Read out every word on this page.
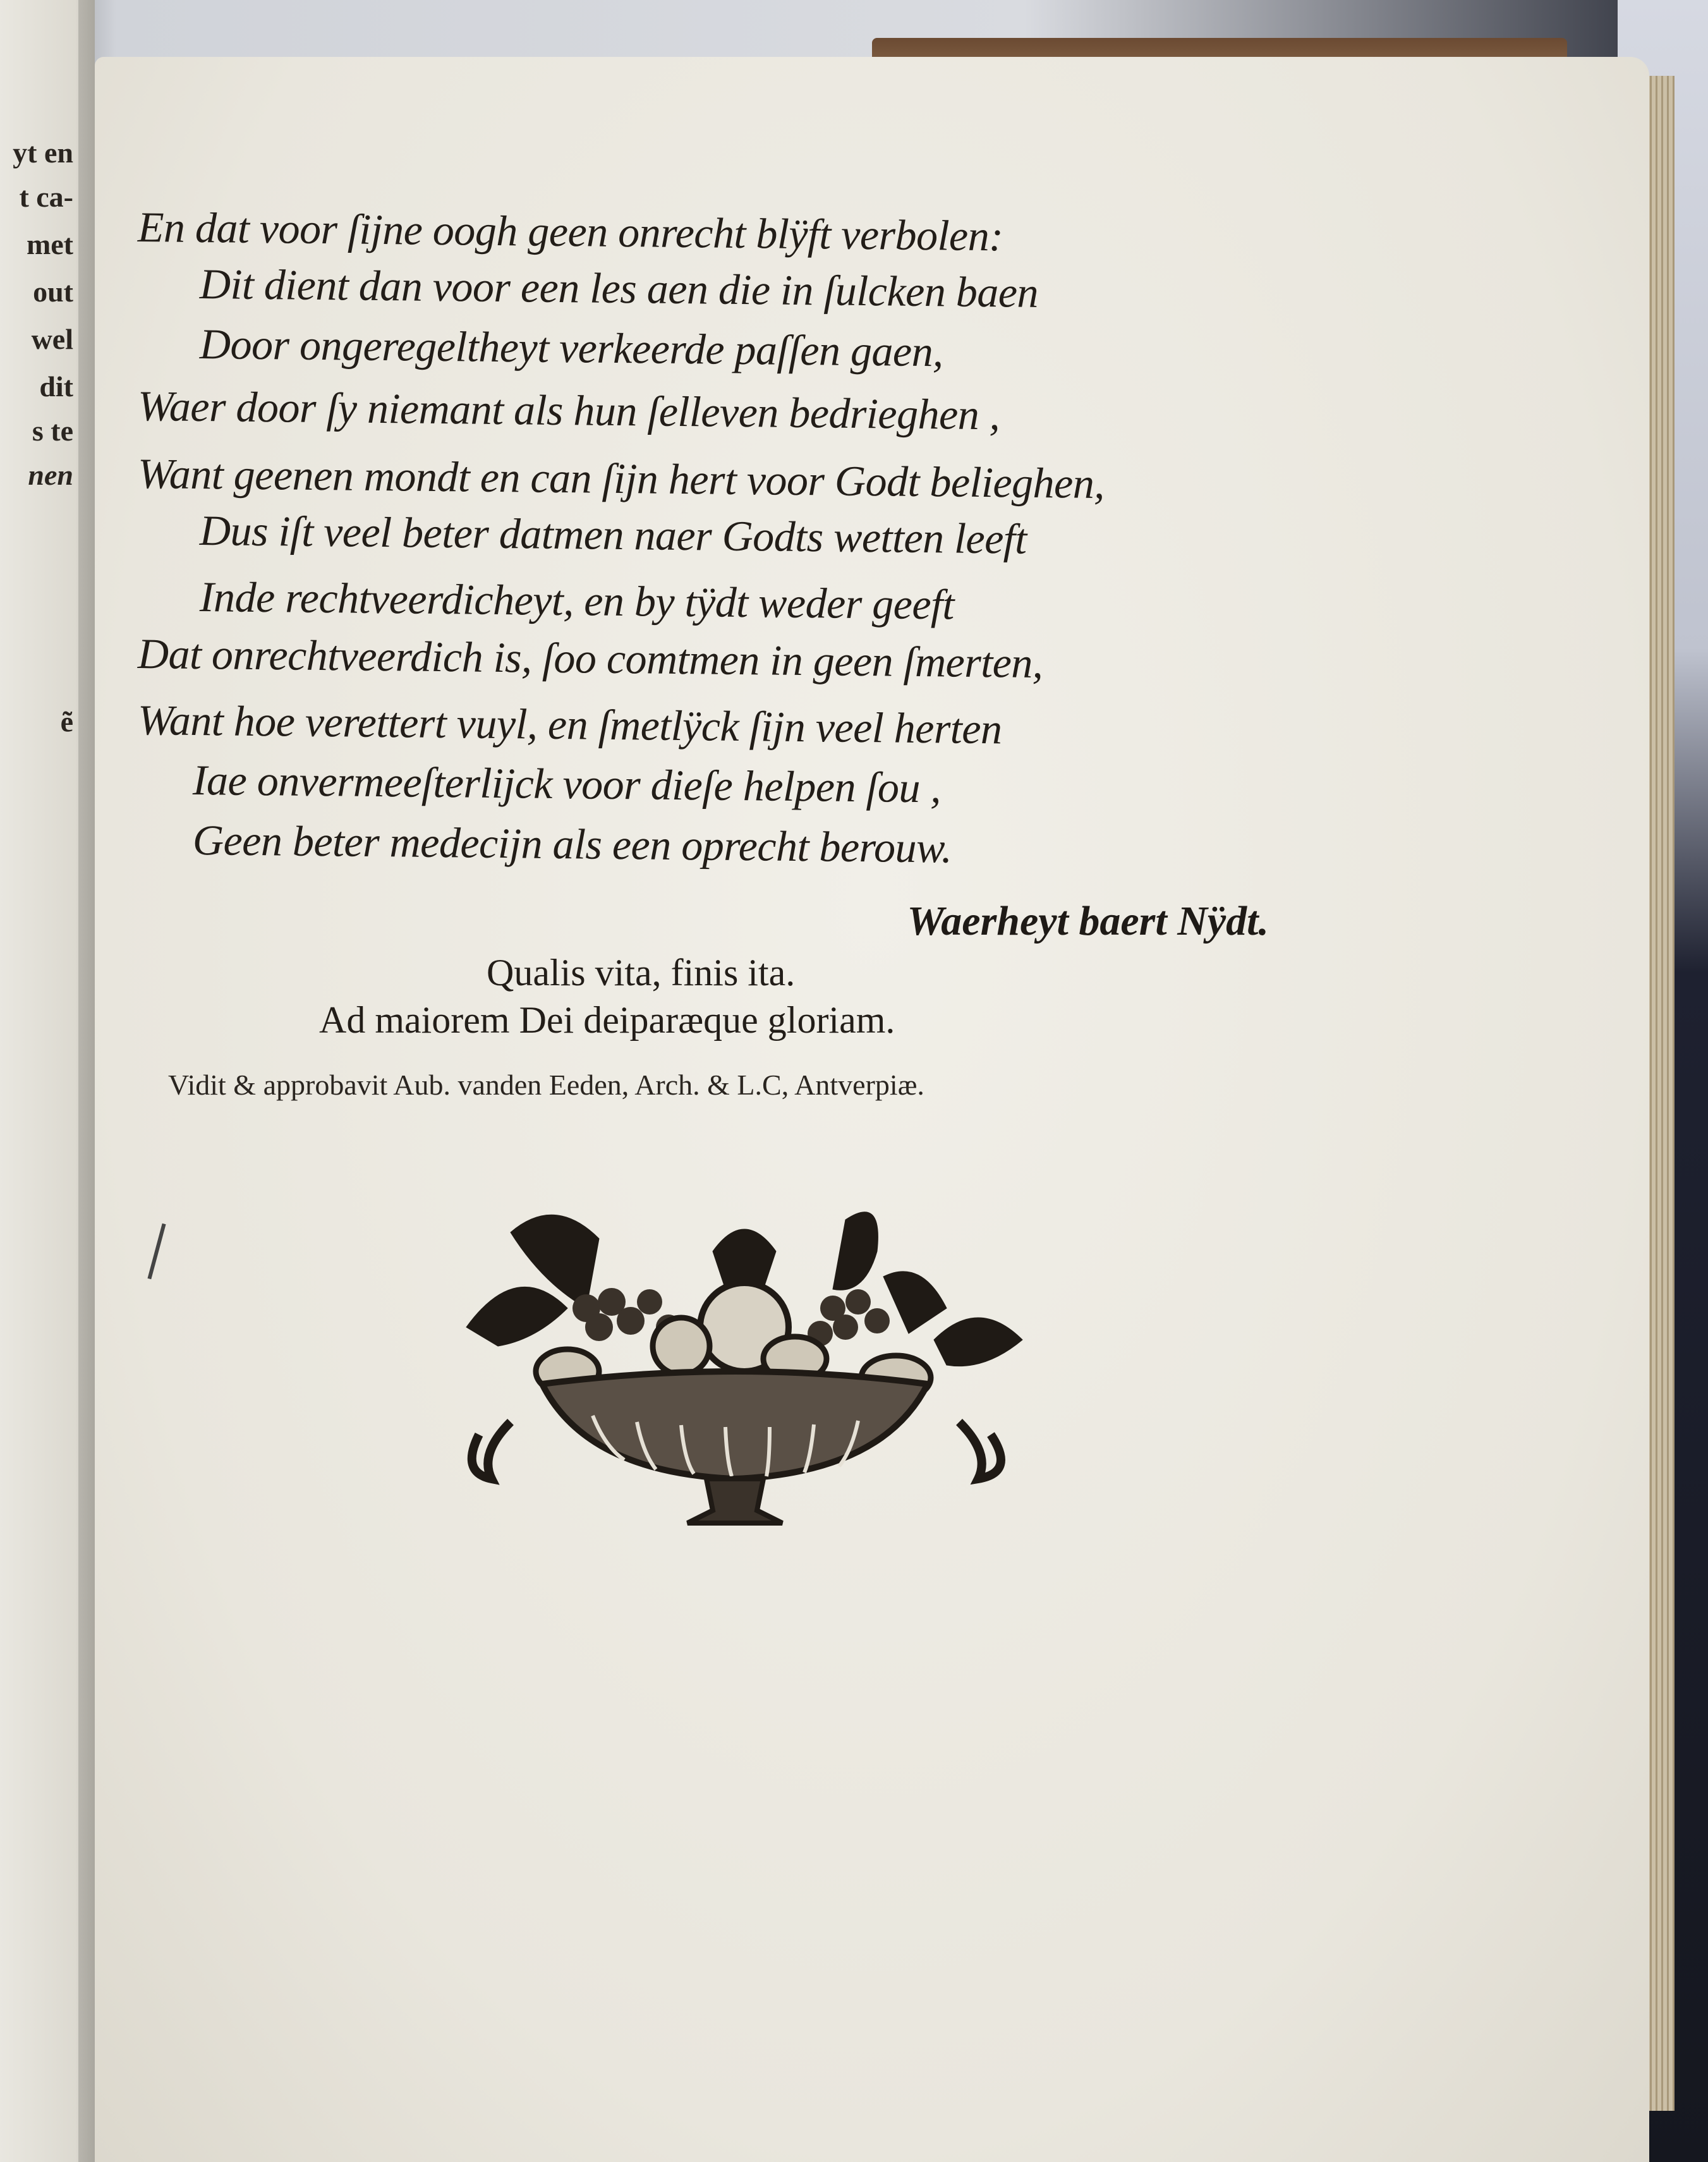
yt en
t ca-
met
out
wel
dit
s te
nen
ẽ
En dat voor ſijne oogh geen onrecht blÿft verbolen:
Dit dient dan voor een les aen die in ſulcken baen
Door ongeregeltheyt verkeerde paſſen gaen,
Waer door ſy niemant als hun ſelleven bedrieghen ,
Want geenen mondt en can ſijn hert voor Godt belieghen,
Dus iſt veel beter datmen naer Godts wetten leeft
Inde rechtveerdicheyt, en by tÿdt weder geeft
Dat onrechtveerdich is, ſoo comtmen in geen ſmerten,
Want hoe verettert vuyl, en ſmetlÿck ſijn veel herten
Iae onvermeeſterlijck voor dieſe helpen ſou ,
Geen beter medecijn als een oprecht berouw.
Waerheyt baert Nÿdt.
Qualis vita, finis ita.
Ad maiorem Dei deiparæque gloriam.
Vidit & approbavit Aub. vanden Eeden, Arch. & L.C, Antverpiæ.
